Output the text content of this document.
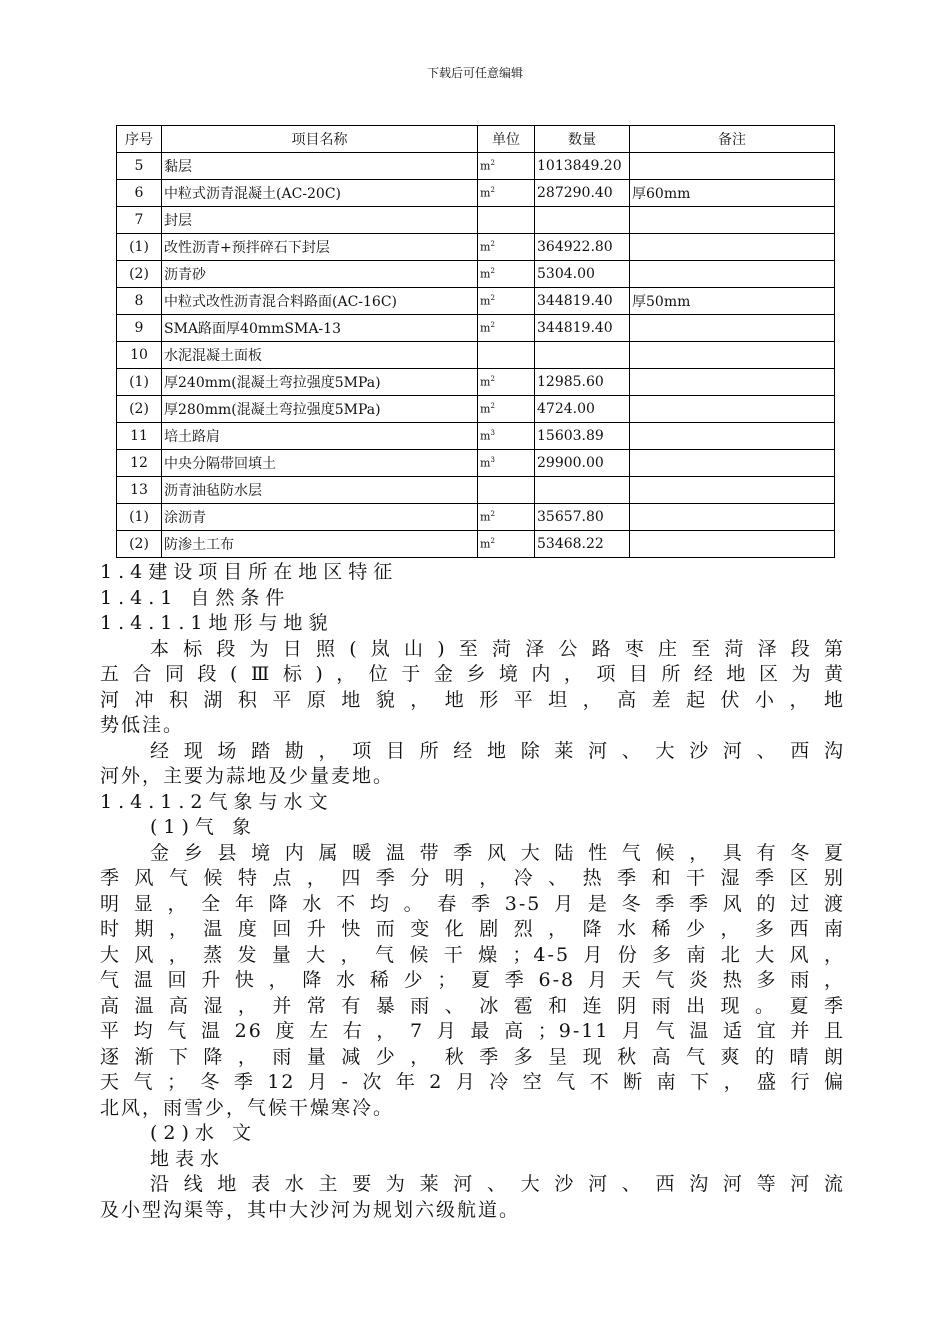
下载后可任意编辑
序号	项目名称	单位	数量	备注
5	黏层	$m^2$	1013849.20	
6	中粒式沥青混凝土(AC-20C)	$m^2$	287290.40	厚60mm
7	封层			
(1)	改性沥青+预拌碎石下封层	$m^2$	364922.80	
(2)	沥青砂	$m^2$	5304.00	
8	中粒式改性沥青混合料路面(AC-16C)	$m^2$	344819.40	厚50mm
9	SMA路面厚40mmSMA-13	$m^2$	344819.40	
10	水泥混凝土面板			
(1)	厚240mm(混凝土弯拉强度5MPa)	$m^2$	12985.60	
(2)	厚280mm(混凝土弯拉强度5MPa)	$m^2$	4724.00	
11	培土路肩	$m^3$	15603.89	
12	中央分隔带回填土	$m^3$	29900.00	
13	沥青油毡防水层			
(1)	涂沥青	$m^2$	35657.80	
(2)	防渗土工布	$m^2$	53468.22	
1.4建设项目所在地区特征
1.4.1 自然条件
1.4.1.1地形与地貌
本标段为日照(岚山)至菏泽公路枣庄至菏泽段第
五合同段(Ⅲ标)，位于金乡境内，项目所经地区为黄
河冲积湖积平原地貌，地形平坦，高差起伏小，地
势低洼。
经现场踏勘，项目所经地除莱河、大沙河、西沟
河外，主要为蒜地及少量麦地。
1.4.1.2气象与水文
(1)气 象
金乡县境内属暖温带季风大陆性气候，具有冬夏
季风气候特点，四季分明，冷、热季和干湿季区别
明显，全年降水不均。春季3-5月是冬季季风的过渡
时期，温度回升快而变化剧烈，降水稀少，多西南
大风，蒸发量大，气候干燥；4-5月份多南北大风，
气温回升快，降水稀少；夏季6-8月天气炎热多雨，
高温高湿，并常有暴雨、冰雹和连阴雨出现。夏季
平均气温26度左右，7月最高；9-11月气温适宜并且
逐渐下降，雨量减少，秋季多呈现秋高气爽的晴朗
天气；冬季12月-次年2月冷空气不断南下，盛行偏
北风，雨雪少，气候干燥寒冷。
(2)水 文
地表水
沿线地表水主要为莱河、大沙河、西沟河等河流
及小型沟渠等，其中大沙河为规划六级航道。
